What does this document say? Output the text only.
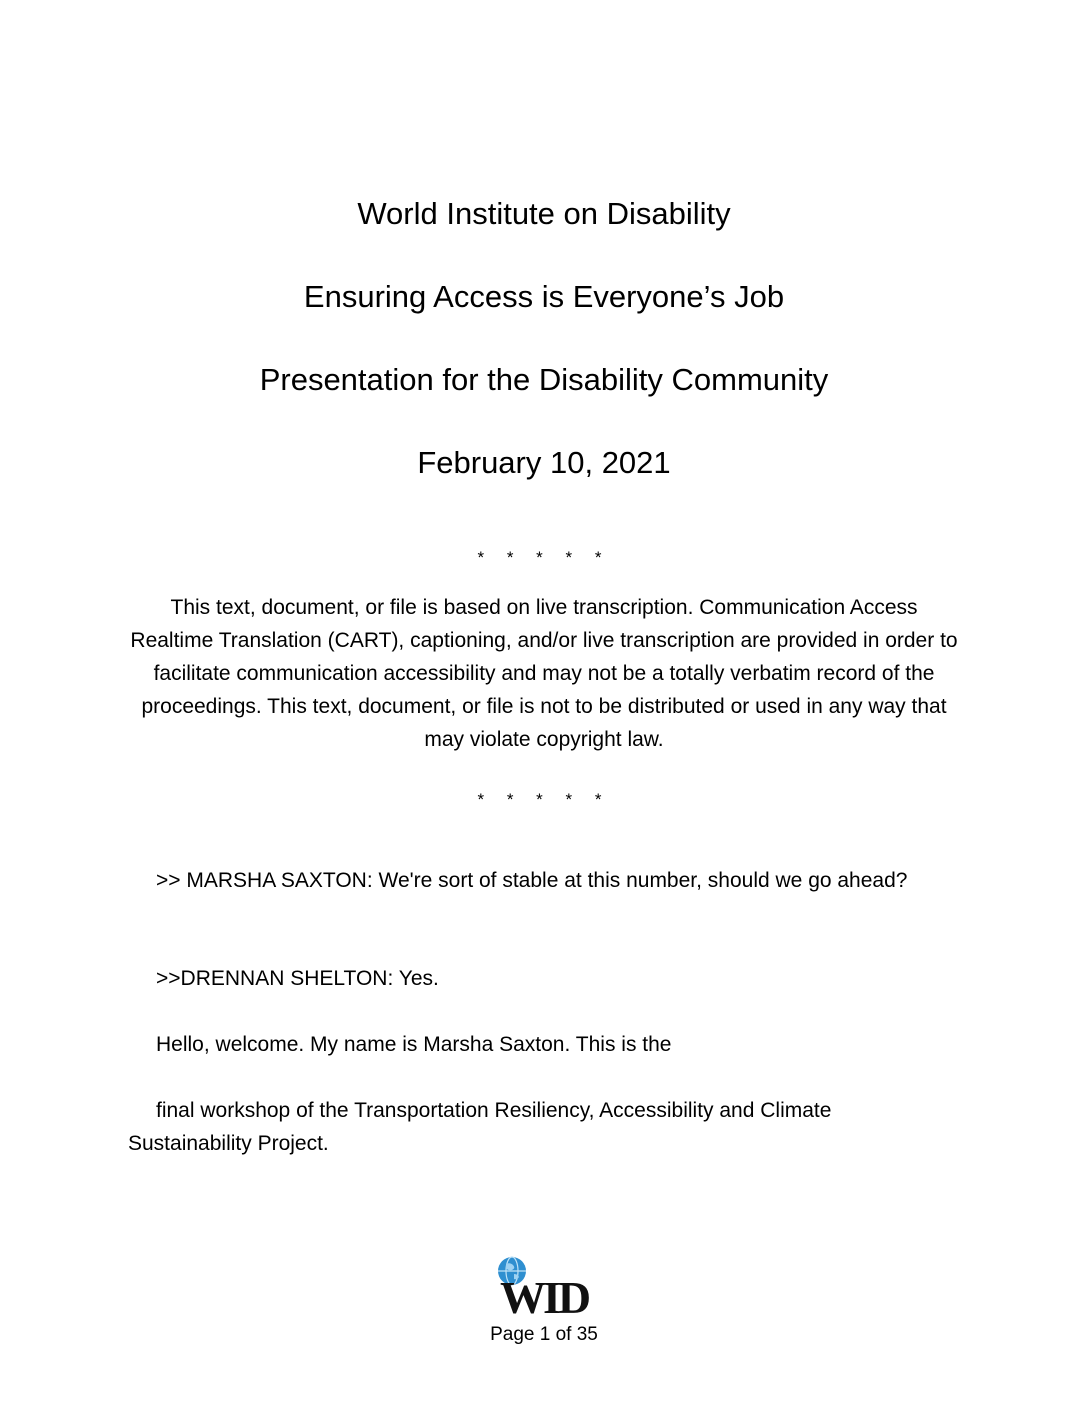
World Institute on Disability
Ensuring Access is Everyone’s Job
Presentation for the Disability Community
February 10, 2021
* * * * *
This text, document, or file is based on live transcription. Communication Access Realtime Translation (CART), captioning, and/or live transcription are provided in order to facilitate communication accessibility and may not be a totally verbatim record of the proceedings. This text, document, or file is not to be distributed or used in any way that may violate copyright law.
* * * * *
>> MARSHA SAXTON: We're sort of stable at this number, should we go ahead?
>>DRENNAN SHELTON: Yes.
Hello, welcome. My name is Marsha Saxton. This is the
final workshop of the Transportation Resiliency, Accessibility and Climate Sustainability Project.
WID
Page 1 of 35
